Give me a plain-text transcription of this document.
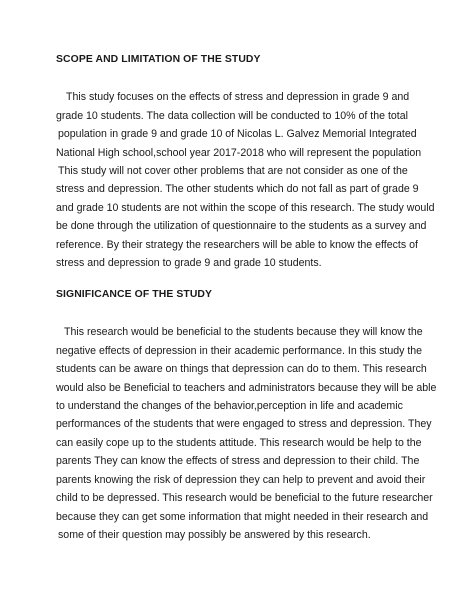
SCOPE AND LIMITATION OF THE STUDY

This study focuses on the effects of stress and depression in grade 9 and

grade 10 students. The data collection will be conducted to 10% of the total

population in grade 9 and grade 10 of Nicolas L. Galvez Memorial Integrated

National High school,school year 2017-2018 who will represent the population

This study will not cover other problems that are not consider as one of the

stress and depression. The other students which do not fall as part of grade 9

and grade 10 students are not within the scope of this research. The study would

be done through the utilization of questionnaire to the students as a survey and

reference. By their strategy the researchers will be able to know the effects of

stress and depression to grade 9 and grade 10 students.

SIGNIFICANCE OF THE STUDY

This research would be beneficial to the students because they will know the

negative effects of depression in their academic performance. In this study the

students can be aware on things that depression can do to them. This research

would also be Beneficial to teachers and administrators because they will be able

to understand the changes of the behavior,perception in life and academic

performances of the students that were engaged to stress and depression. They

can easily cope up to the students attitude. This research would be help to the

parents They can know the effects of stress and depression to their child. The

parents knowing the risk of depression they can help to prevent and avoid their

child to be depressed. This research would be beneficial to the future researcher

because they can get some information that might needed in their research and

some of their question may possibly be answered by this research.
